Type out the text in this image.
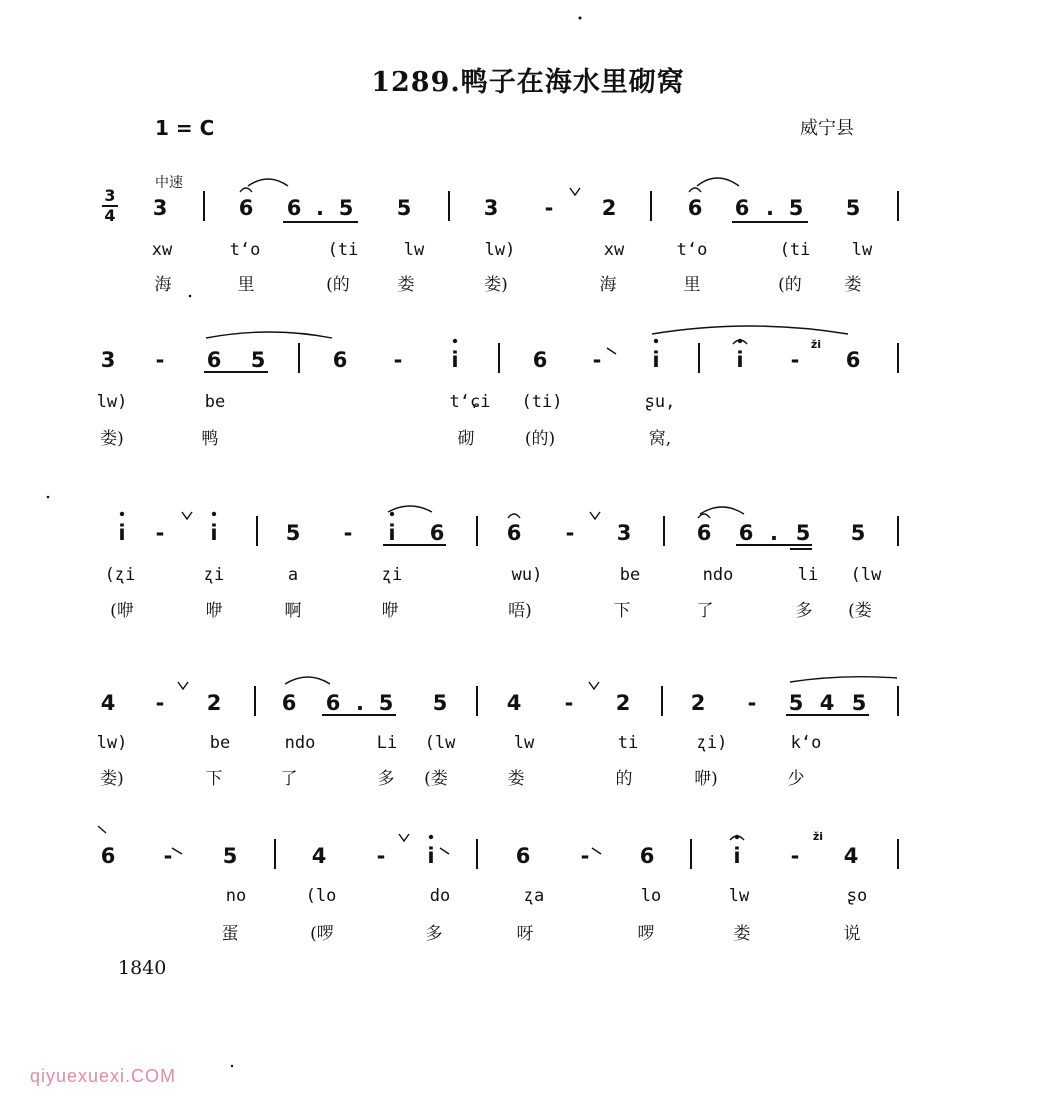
1289.鸭子在海水里砌窝
1 = C	威宁县
中速
3
4 3	6 6 . 5 5	3 - 2	6 6 . 5 5
xw	t‘o	(ti	lw	lw)	xw	t‘o	(ti lw
海	里	(的	娄	娄)	海	里	(的	娄
3 - 6 5	6 - i	6 - i	i - 6
lw)	be	t‘ɕi (ti)	ʂu,
娄)	鸭	砌	(的)	窝,
i - i	5 - i 6	6 - 3	6 6 . 5 5
(ʐi	ʐi	a	ʐi	wu)	be	ndo	li (lw
(咿	咿	啊	咿	唔)	下	了	多 (娄
4 - 2	6 6 . 5 5	4 - 2	2 - 5 4 5
lw)	be	ndo	Li (lw	lw	ti	ʐi)	k‘o
娄)	下	了	多 (娄	娄	的	咿)	少
6 - 5	4 - i	6 - 6	i - 4
no	(lo	do	ʐa	lo	lw	ʂo
蛋	(啰	多	呀	啰	娄	说
ži
ži
1840
qiyuexuexi.COM
